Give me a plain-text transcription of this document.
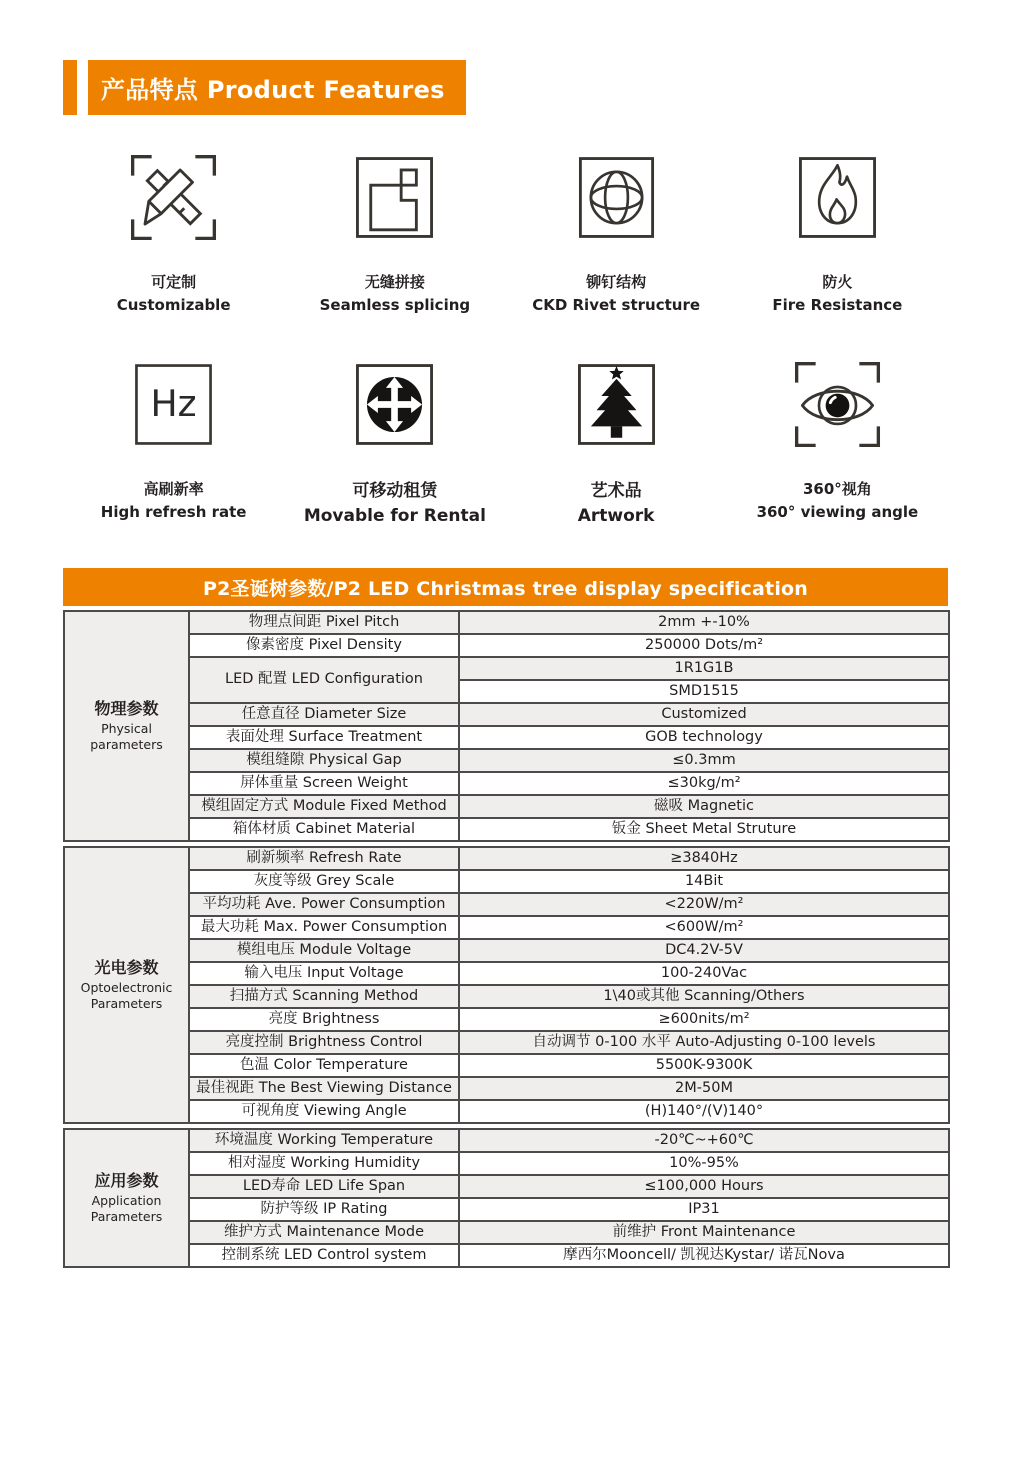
产品特点 Product Features
可定制
Customizable
无缝拼接
Seamless splicing
铆钉结构
CKD Rivet structure
防火
Fire Resistance
Hz
高刷新率
High refresh rate
可移动租赁
Movable for Rental
艺术品
Artwork
360°视角
360° viewing angle
P2圣诞树参数/P2 LED Christmas tree display specification
物理参数
Physical parameters	物理点间距 Pixel Pitch	2mm +-10%
	像素密度 Pixel Density	250000 Dots/m²
	LED 配置 LED Configuration	1R1G1B
		SMD1515
	任意直径 Diameter Size	Customized
	表面处理 Surface Treatment	GOB technology
	模组缝隙 Physical Gap	≤0.3mm
	屏体重量 Screen Weight	≤30kg/m²
	模组固定方式 Module Fixed Method	磁吸 Magnetic
	箱体材质 Cabinet Material	钣金 Sheet Metal Struture
光电参数
Optoelectronic Parameters	刷新频率 Refresh Rate	≥3840Hz
	灰度等级 Grey Scale	14Bit
	平均功耗 Ave. Power Consumption	<220W/m²
	最大功耗 Max. Power Consumption	<600W/m²
	模组电压 Module Voltage	DC4.2V-5V
	输入电压 Input Voltage	100-240Vac
	扫描方式 Scanning Method	1\40或其他 Scanning/Others
	亮度 Brightness	≥600nits/m²
	亮度控制 Brightness Control	自动调节 0-100 水平 Auto-Adjusting 0-100 levels
	色温 Color Temperature	5500K-9300K
	最佳视距 The Best Viewing Distance	2M-50M
	可视角度 Viewing Angle	(H)140°/(V)140°
应用参数
Application Parameters	环境温度 Working Temperature	-20℃~+60℃
	相对湿度 Working Humidity	10%-95%
	LED寿命 LED Life Span	≤100,000 Hours
	防护等级 IP Rating	IP31
	维护方式 Maintenance Mode	前维护 Front Maintenance
	控制系统 LED Control system	摩西尔Mooncell/ 凯视达Kystar/ 诺瓦Nova
